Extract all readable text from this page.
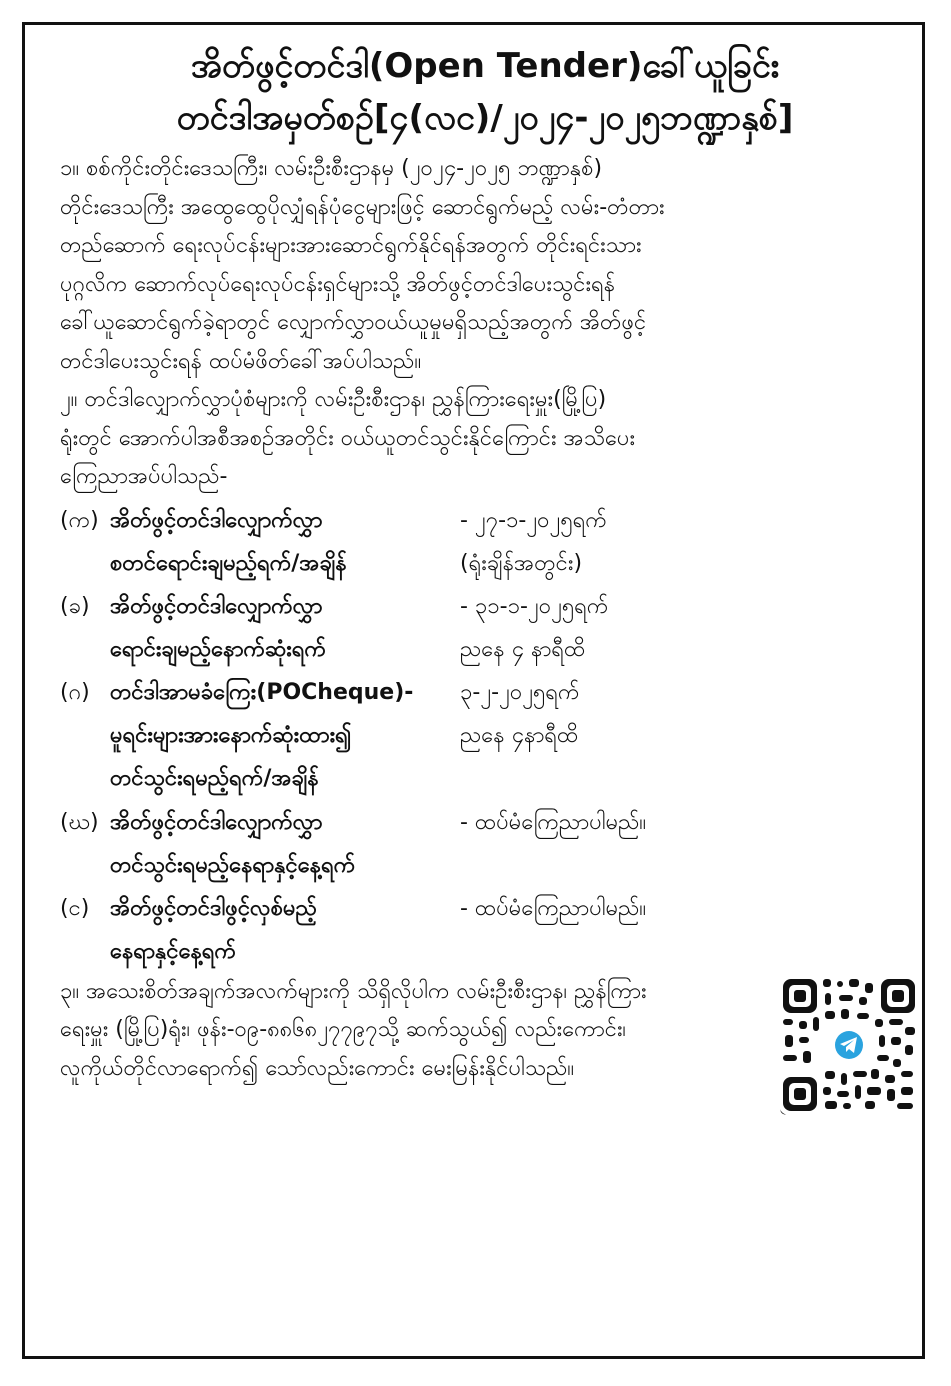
အိတ်ဖွင့်တင်ဒါ(Open Tender)ခေါ်ယူခြင်း

တင်ဒါအမှတ်စဉ်[၄(လင)/၂၀၂၄-၂၀၂၅ဘဏ္ဍာနှစ်]

၁။ စစ်ကိုင်းတိုင်းဒေသကြီး၊ လမ်းဦးစီးဌာနမှ (၂၀၂၄-၂၀၂၅ ဘဏ္ဍာနှစ်)
တိုင်းဒေသကြီး အထွေထွေပိုလျှံရန်ပုံငွေများဖြင့် ဆောင်ရွက်မည့် လမ်း-တံတား
တည်ဆောက် ရေးလုပ်ငန်းများအားဆောင်ရွက်နိုင်ရန်အတွက် တိုင်းရင်းသား
ပုဂ္ဂလိက ဆောက်လုပ်ရေးလုပ်ငန်းရှင်များသို့ အိတ်ဖွင့်တင်ဒါပေးသွင်းရန်
ခေါ်ယူဆောင်ရွက်ခဲ့ရာတွင် လျှောက်လွှာဝယ်ယူမှုမရှိသည့်အတွက် အိတ်ဖွင့်
တင်ဒါပေးသွင်းရန် ထပ်မံဖိတ်ခေါ်အပ်ပါသည်။

၂။ တင်ဒါလျှောက်လွှာပုံစံများကို လမ်းဦးစီးဌာန၊ ညွှန်ကြားရေးမှူး(မြို့ပြ)
ရုံးတွင် အောက်ပါအစီအစဉ်အတိုင်း ဝယ်ယူတင်သွင်းနိုင်ကြောင်း အသိပေး
ကြေညာအပ်ပါသည်-

(က) အိတ်ဖွင့်တင်ဒါလျှောက်လွှာ
စတင်ရောင်းချမည့်ရက်/အချိန်
- ၂၇-၁-၂၀၂၅ရက်
(ရုံးချိန်အတွင်း)
(ခ) အိတ်ဖွင့်တင်ဒါလျှောက်လွှာ
ရောင်းချမည့်နောက်ဆုံးရက်
- ၃၁-၁-၂၀၂၅ရက်
ညနေ ၄ နာရီထိ
(ဂ) တင်ဒါအာမခံကြေး(POCheque)-
မူရင်းများအားနောက်ဆုံးထား၍
တင်သွင်းရမည့်ရက်/အချိန်
၃-၂-၂၀၂၅ရက်
ညနေ ၄နာရီထိ
(ဃ) အိတ်ဖွင့်တင်ဒါလျှောက်လွှာ
တင်သွင်းရမည့်နေရာနှင့်နေ့ရက်
- ထပ်မံကြေညာပါမည်။
(င) အိတ်ဖွင့်တင်ဒါဖွင့်လှစ်မည့်
နေရာနှင့်နေ့ရက်
- ထပ်မံကြေညာပါမည်။

၃။ အသေးစိတ်အချက်အလက်များကို သိရှိလိုပါက လမ်းဦးစီးဌာန၊ ညွှန်ကြား
ရေးမှူး (မြို့ပြ)ရုံး၊ ဖုန်း-၀၉-၈၈၆၈၂၇၇၉၇သို့ ဆက်သွယ်၍ လည်းကောင်း၊
လူကိုယ်တိုင်လာရောက်၍ သော်လည်းကောင်း မေးမြန်းနိုင်ပါသည်။
